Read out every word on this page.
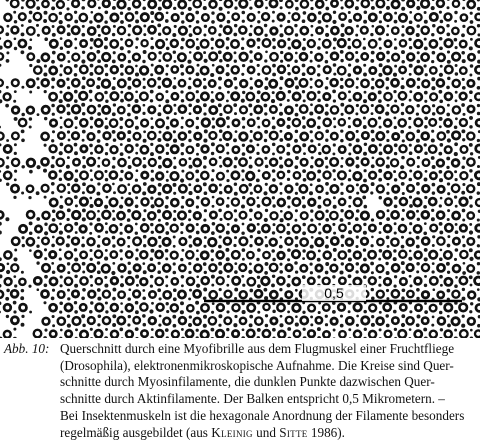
0,5
Abb. 10: Querschnitt durch eine Myofibrille aus dem Flugmuskel einer Fruchtfliege
(Drosophila), elektronenmikroskopische Aufnahme. Die Kreise sind Quer-
schnitte durch Myosinfilamente, die dunklen Punkte dazwischen Quer-
schnitte durch Aktinfilamente. Der Balken entspricht 0,5 Mikrometern. –
Bei Insektenmuskeln ist die hexagonale Anordnung der Filamente besonders
regelmäßig ausgebildet (aus Kleinig und Sitte 1986).
